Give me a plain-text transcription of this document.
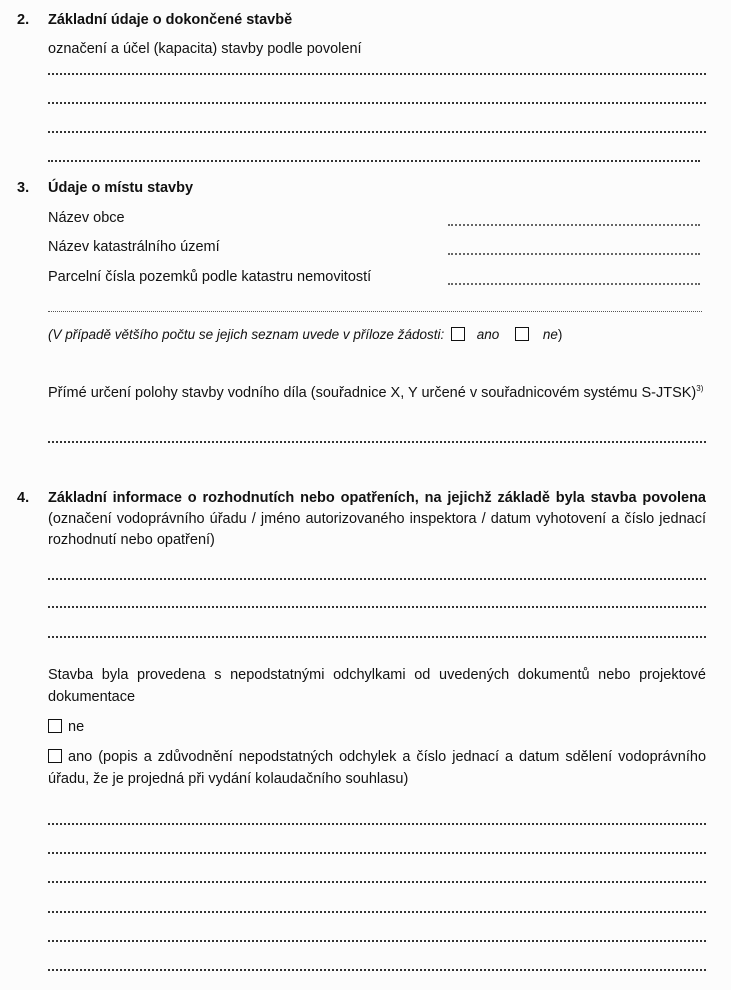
2. Základní údaje o dokončené stavbě
označení a účel (kapacita) stavby podle povolení
3. Údaje o místu stavby
Název obce
Název katastrálního území
Parcelní čísla pozemků podle katastru nemovitostí
(V případě většího počtu se jejich seznam uvede v příloze žádosti: ano	ne)
Přímé určení polohy stavby vodního díla (souřadnice X, Y určené v souřadnicovém systému S-JTSK)$^{3)}$
4. Základní informace o rozhodnutích nebo opatřeních, na jejichž základě byla stavba povolena (označení vodoprávního úřadu / jméno autorizovaného inspektora / datum vyhotovení a číslo jednací rozhodnutí nebo opatření)
Stavba byla provedena s nepodstatnými odchylkami od uvedených dokumentů nebo projektové dokumentace
ne
ano (popis a zdůvodnění nepodstatných odchylek a číslo jednací a datum sdělení vodoprávního úřadu, že je projedná při vydání kolaudačního souhlasu)
